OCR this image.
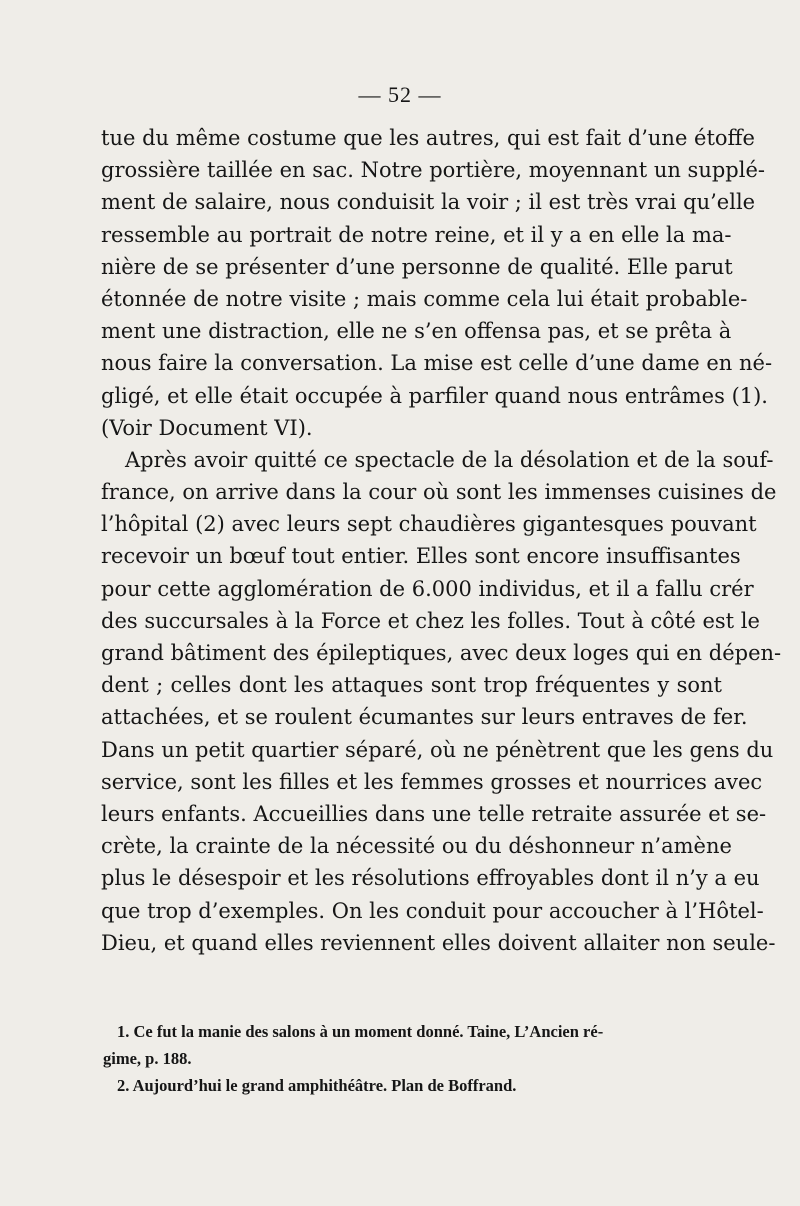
— 52 —
tue du même costume que les autres, qui est fait d’une étoffe
grossière taillée en sac. Notre portière, moyennant un supplé-
ment de salaire, nous conduisit la voir ; il est très vrai qu’elle
ressemble au portrait de notre reine, et il y a en elle la ma-
nière de se présenter d’une personne de qualité. Elle parut
étonnée de notre visite ; mais comme cela lui était probable-
ment une distraction, elle ne s’en offensa pas, et se prêta à
nous faire la conversation. La mise est celle d’une dame en né-
gligé, et elle était occupée à parfiler quand nous entrâmes (1).
(Voir Document VI).
Après avoir quitté ce spectacle de la désolation et de la souf-
france, on arrive dans la cour où sont les immenses cuisines de
l’hôpital (2) avec leurs sept chaudières gigantesques pouvant
recevoir un bœuf tout entier. Elles sont encore insuffisantes
pour cette agglomération de 6.000 individus, et il a fallu crér
des succursales à la Force et chez les folles. Tout à côté est le
grand bâtiment des épileptiques, avec deux loges qui en dépen-
dent ; celles dont les attaques sont trop fréquentes y sont
attachées, et se roulent écumantes sur leurs entraves de fer.
Dans un petit quartier séparé, où ne pénètrent que les gens du
service, sont les filles et les femmes grosses et nourrices avec
leurs enfants. Accueillies dans une telle retraite assurée et se-
crète, la crainte de la nécessité ou du déshonneur n’amène
plus le désespoir et les résolutions effroyables dont il n’y a eu
que trop d’exemples. On les conduit pour accoucher à l’Hôtel-
Dieu, et quand elles reviennent elles doivent allaiter non seule-
1. Ce fut la manie des salons à un moment donné. Taine, L’Ancien ré-
gime, p. 188.
2. Aujourd’hui le grand amphithéâtre. Plan de Boffrand.
